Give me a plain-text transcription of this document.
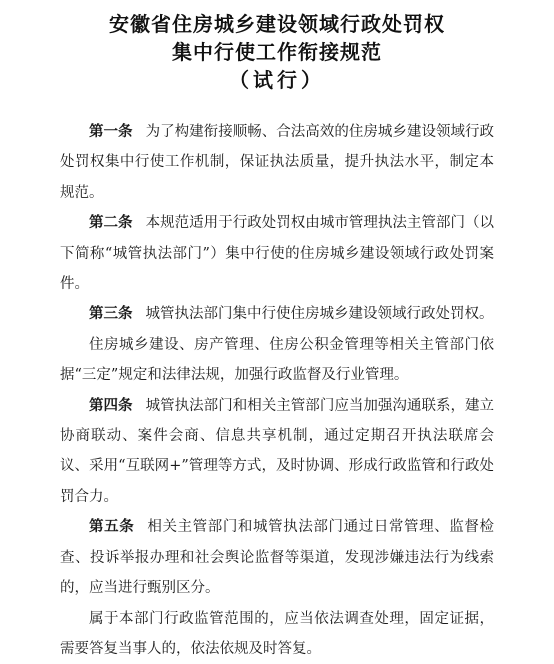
安徽省住房城乡建设领域行政处罚权
集中行使工作衔接规范
（试行）

第一条 为了构建衔接顺畅、合法高效的住房城乡建设领域行政处罚权集中行使工作机制，保证执法质量，提升执法水平，制定本规范。

第二条 本规范适用于行政处罚权由城市管理执法主管部门（以下简称“城管执法部门”）集中行使的住房城乡建设领域行政处罚案件。

第三条 城管执法部门集中行使住房城乡建设领域行政处罚权。

住房城乡建设、房产管理、住房公积金管理等相关主管部门依据“三定”规定和法律法规，加强行政监督及行业管理。

第四条 城管执法部门和相关主管部门应当加强沟通联系，建立协商联动、案件会商、信息共享机制，通过定期召开执法联席会议、采用“互联网+”管理等方式，及时协调、形成行政监管和行政处罚合力。

第五条 相关主管部门和城管执法部门通过日常管理、监督检查、投诉举报办理和社会舆论监督等渠道，发现涉嫌违法行为线索的，应当进行甄别区分。

属于本部门行政监管范围的，应当依法调查处理，固定证据，需要答复当事人的，依法依规及时答复。
